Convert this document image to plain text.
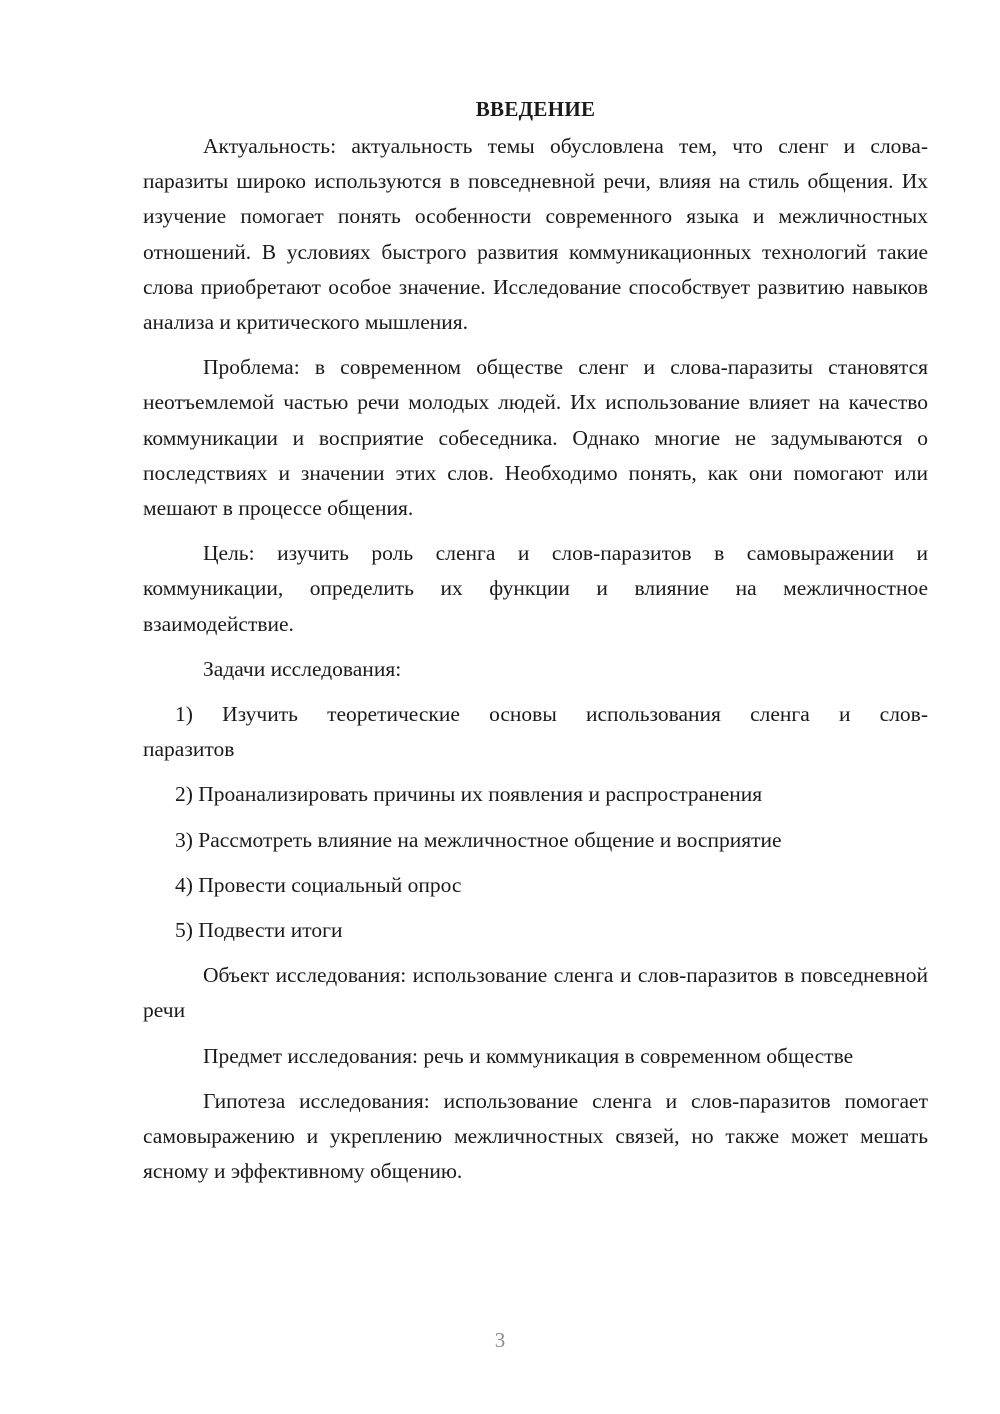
ВВЕДЕНИЕ

Актуальность: актуальность темы обусловлена тем, что сленг и слова-паразиты широко используются в повседневной речи, влияя на стиль общения. Их изучение помогает понять особенности современного языка и межличностных отношений. В условиях быстрого развития коммуникационных технологий такие слова приобретают особое значение. Исследование способствует развитию навыков анализа и критического мышления.

Проблема: в современном обществе сленг и слова-паразиты становятся неотъемлемой частью речи молодых людей. Их использование влияет на качество коммуникации и восприятие собеседника. Однако многие не задумываются о последствиях и значении этих слов. Необходимо понять, как они помогают или мешают в процессе общения.

Цель: изучить роль сленга и слов-паразитов в самовыражении и коммуникации, определить их функции и влияние на межличностное взаимодействие.

Задачи исследования:

1) Изучить теоретические основы использования сленга и слов-паразитов
2) Проанализировать причины их появления и распространения
3) Рассмотреть влияние на межличностное общение и восприятие
4) Провести социальный опрос
5) Подвести итоги

Объект исследования: использование сленга и слов-паразитов в повседневной речи

Предмет исследования: речь и коммуникация в современном обществе

Гипотеза исследования: использование сленга и слов-паразитов помогает самовыражению и укреплению межличностных связей, но также может мешать ясному и эффективному общению.

3
